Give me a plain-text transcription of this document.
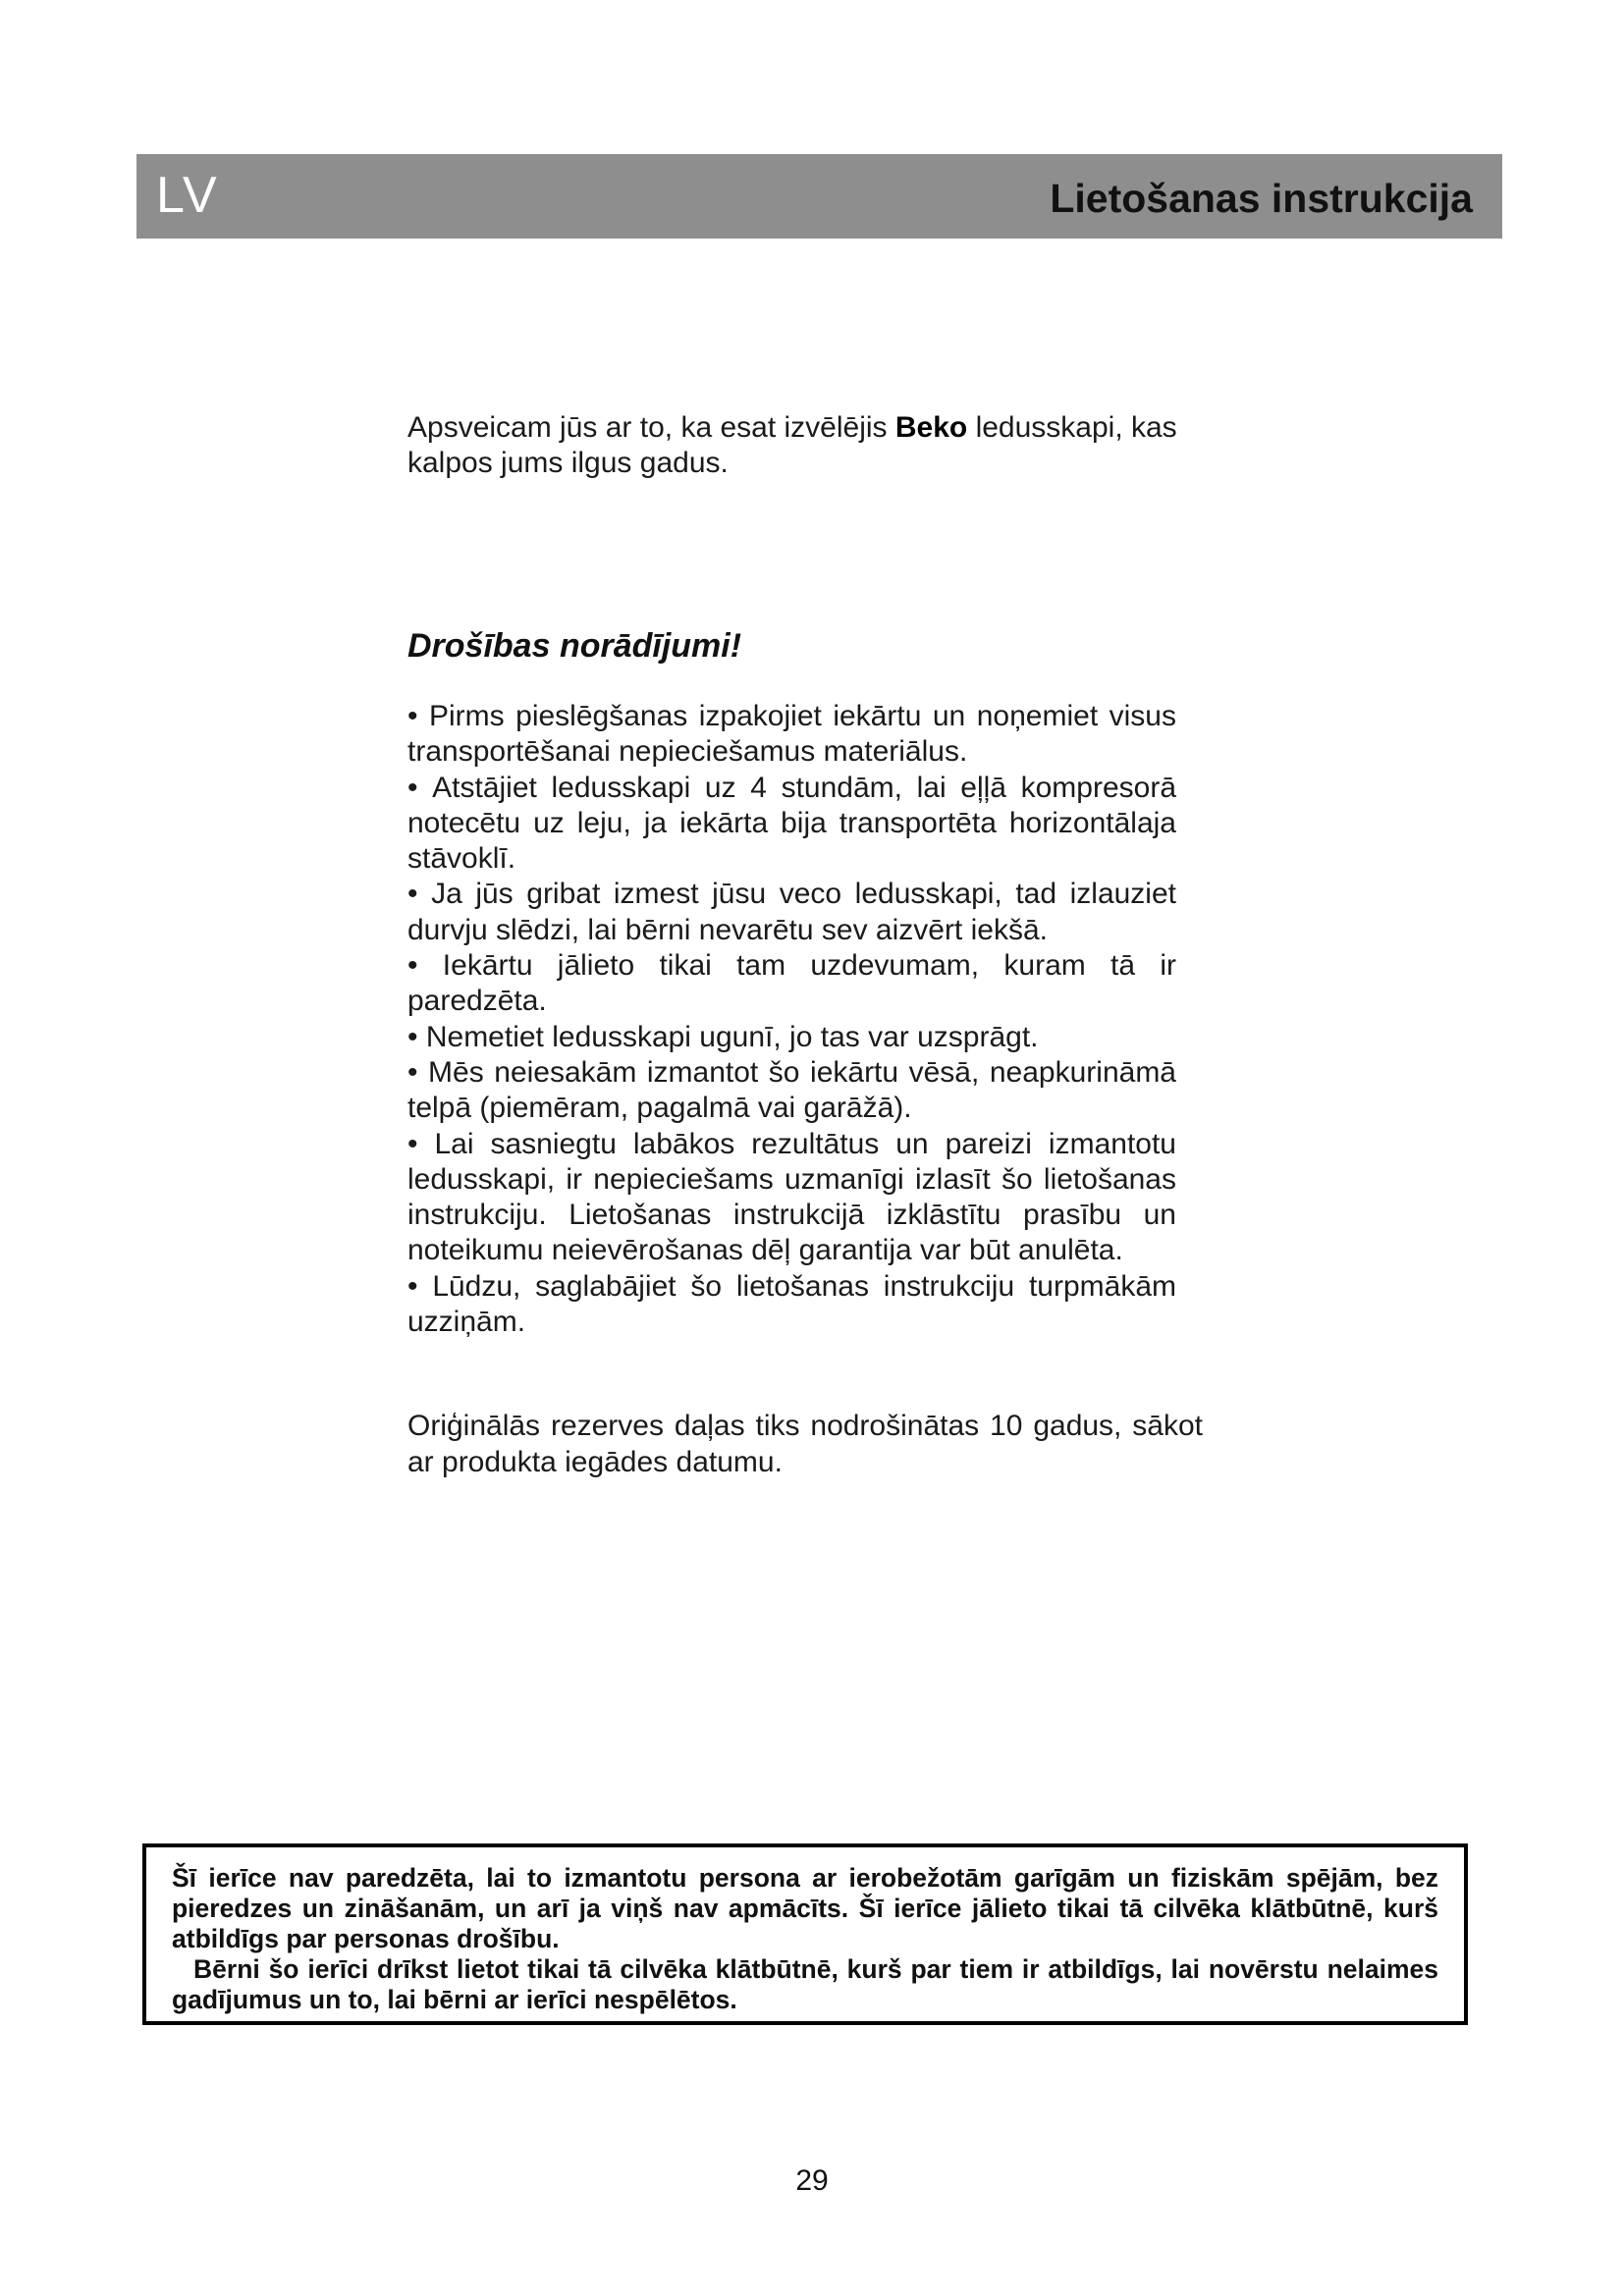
LV	Lietošanas instrukcija
Apsveicam jūs ar to, ka esat izvēlējis Beko ledusskapi, kas kalpos jums ilgus gadus.
Drošības norādījumi!

• Pirms pieslēgšanas izpakojiet iekārtu un noņemiet visus transportēšanai nepieciešamus materiālus.

• Atstājiet ledusskapi uz 4 stundām, lai eļļā kompresorā notecētu uz leju, ja iekārta bija transportēta horizontālaja stāvoklī.

• Ja jūs gribat izmest jūsu veco ledusskapi, tad izlauziet durvju slēdzi, lai bērni nevarētu sev aizvērt iekšā.

• Iekārtu jālieto tikai tam uzdevumam, kuram tā ir paredzēta.

• Nemetiet ledusskapi ugunī, jo tas var uzsprāgt.

• Mēs neiesakām izmantot šo iekārtu vēsā, neapkurināmā telpā (piemēram, pagalmā vai garāžā).

• Lai sasniegtu labākos rezultātus un pareizi izmantotu ledusskapi, ir nepieciešams uzmanīgi izlasīt šo lietošanas instrukciju. Lietošanas instrukcijā izklāstītu prasību un noteikumu neievērošanas dēļ garantija var būt anulēta.

• Lūdzu, saglabājiet šo lietošanas instrukciju turpmākām uzziņām.

Oriģinālās rezerves daļas tiks nodrošinātas 10 gadus, sākot ar produkta iegādes datumu.

Šī ierīce nav paredzēta, lai to izmantotu persona ar ierobežotām garīgām un fiziskām spējām, bez pieredzes un zināšanām, un arī ja viņš nav apmācīts. Šī ierīce jālieto tikai tā cilvēka klātbūtnē, kurš atbildīgs par personas drošību.

Bērni šo ierīci drīkst lietot tikai tā cilvēka klātbūtnē, kurš par tiem ir atbildīgs, lai novērstu nelaimes gadījumus un to, lai bērni ar ierīci nespēlētos.

29
